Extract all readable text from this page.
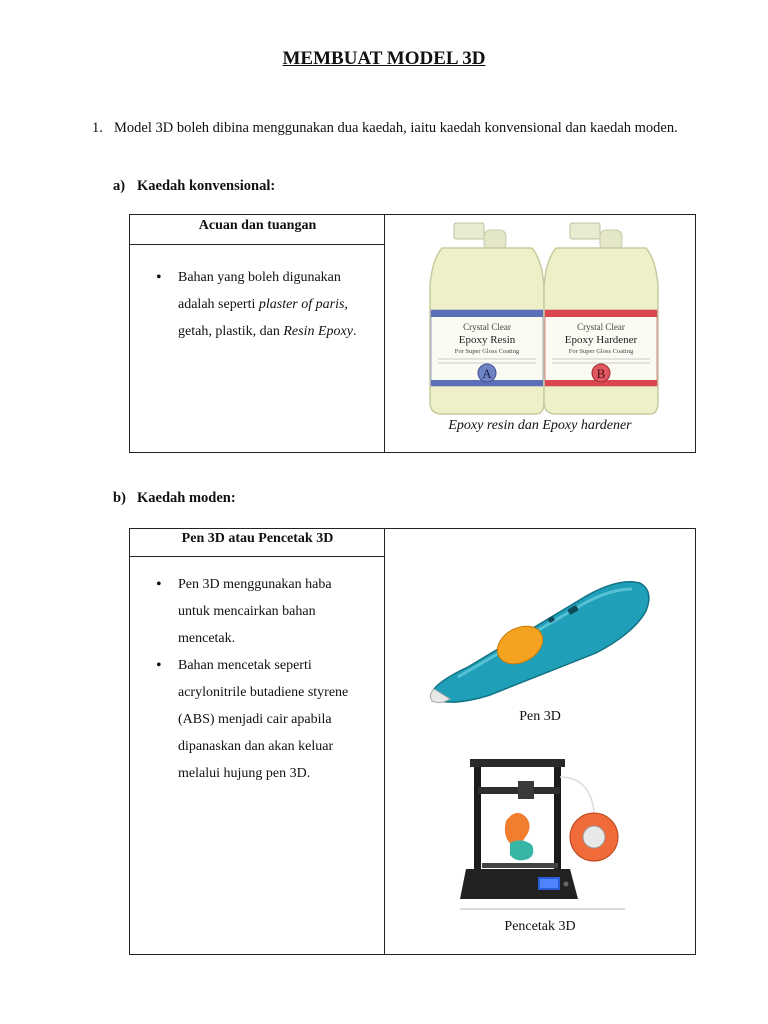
MEMBUAT MODEL 3D
1. Model 3D boleh dibina menggunakan dua kaedah, iaitu kaedah konvensional dan kaedah moden.
a) Kaedah konvensional:
Acuan dan tuangan
• Bahan yang boleh digunakan adalah seperti plaster of paris, getah, plastik, dan Resin Epoxy.	Crystal Clear
Epoxy Resin
For Super Gloss Coating
A
Crystal Clear
Epoxy Hardener
For Super Gloss Coating
B
Epoxy resin dan Epoxy hardener
b) Kaedah moden:
Pen 3D atau Pencetak 3D
• Pen 3D menggunakan haba untuk mencairkan bahan mencetak.
• Bahan mencetak seperti acrylonitrile butadiene styrene (ABS) menjadi cair apabila dipanaskan dan akan keluar melalui hujung pen 3D.
Pen 3D
Pencetak 3D
